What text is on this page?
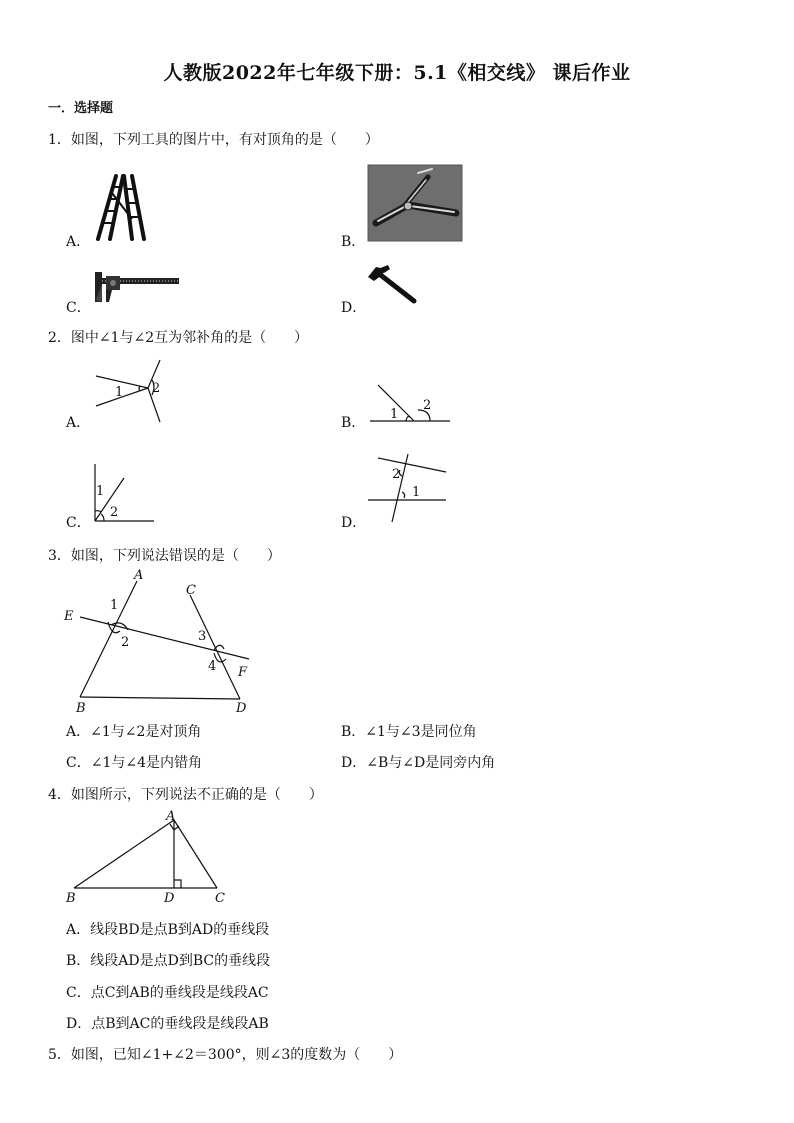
人教版2022年七年级下册：5.1《相交线》 课后作业
一．选择题
1．如图，下列工具的图片中，有对顶角的是（　　）
A．	B．
C．	D．
2．图中∠1与∠2互为邻补角的是（　　）
A．
1 2
B．
1
2
C．
1
2
D．
2
1
3．如图，下列说法错误的是（　　）
A
B
C
D
E
F
1
2	3
4
A．∠1与∠2是对顶角	B．∠1与∠3是同位角
C．∠1与∠4是内错角	D．∠B与∠D是同旁内角
4．如图所示，下列说法不正确的是（　　）
A
B	C
D
A．线段BD是点B到AD的垂线段
B．线段AD是点D到BC的垂线段
C．点C到AB的垂线段是线段AC
D．点B到AC的垂线段是线段AB
5．如图，已知∠1+∠2＝300°，则∠3的度数为（　　）
